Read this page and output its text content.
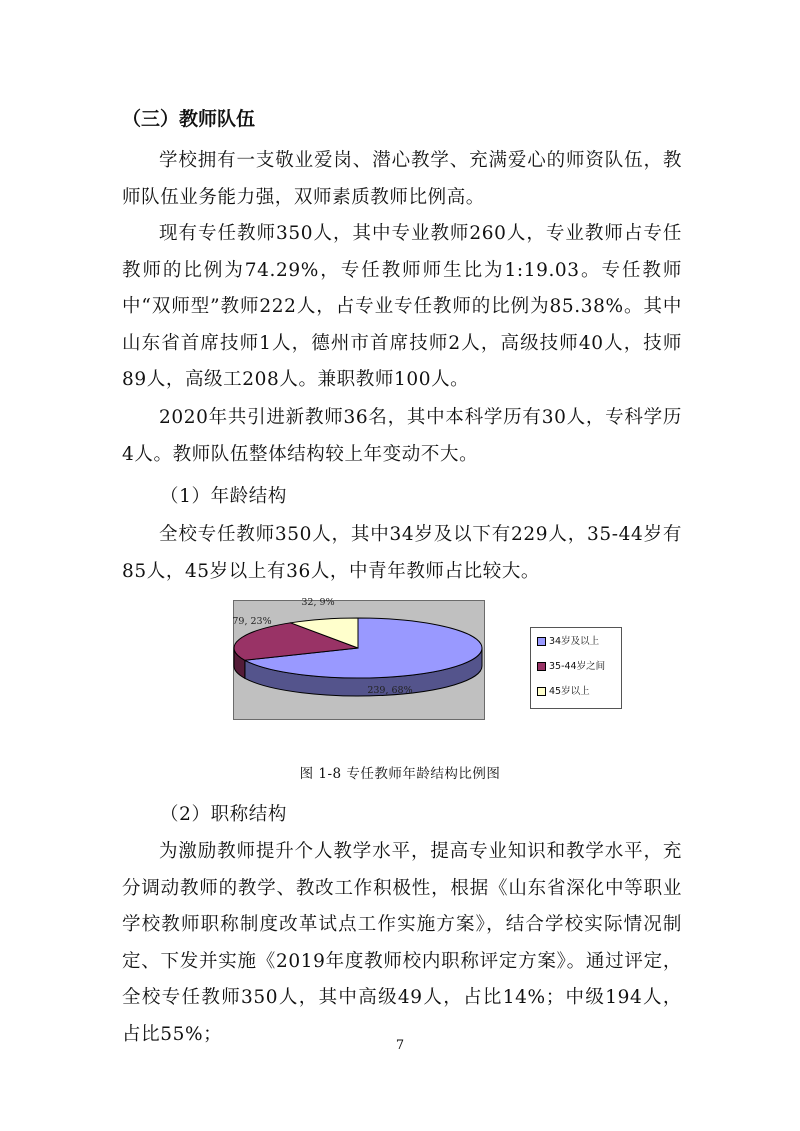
（三）教师队伍

学校拥有一支敬业爱岗、潜心教学、充满爱心的师资队伍，教师队伍业务能力强，双师素质教师比例高。

现有专任教师350人，其中专业教师260人，专业教师占专任教师的比例为74.29%，专任教师师生比为1:19.03。专任教师中“双师型”教师222人，占专业专任教师的比例为85.38%。其中山东省首席技师1人，德州市首席技师2人，高级技师40人，技师89人，高级工208人。兼职教师100人。

2020年共引进新教师36名，其中本科学历有30人，专科学历4人。教师队伍整体结构较上年变动不大。

（1）年龄结构

全校专任教师350人，其中34岁及以下有229人，35-44岁有85人，45岁以上有36人，中青年教师占比较大。

239, 68%
79, 23%
32, 9%
34岁及以上
35-44岁之间
45岁以上
图 1-8 专任教师年龄结构比例图
（2）职称结构

为激励教师提升个人教学水平，提高专业知识和教学水平，充分调动教师的教学、教改工作积极性，根据《山东省深化中等职业学校教师职称制度改革试点工作实施方案》，结合学校实际情况制定、下发并实施《2019年度教师校内职称评定方案》。通过评定，全校专任教师350人，其中高级49人，占比14%；中级194人，占比55%；

7
